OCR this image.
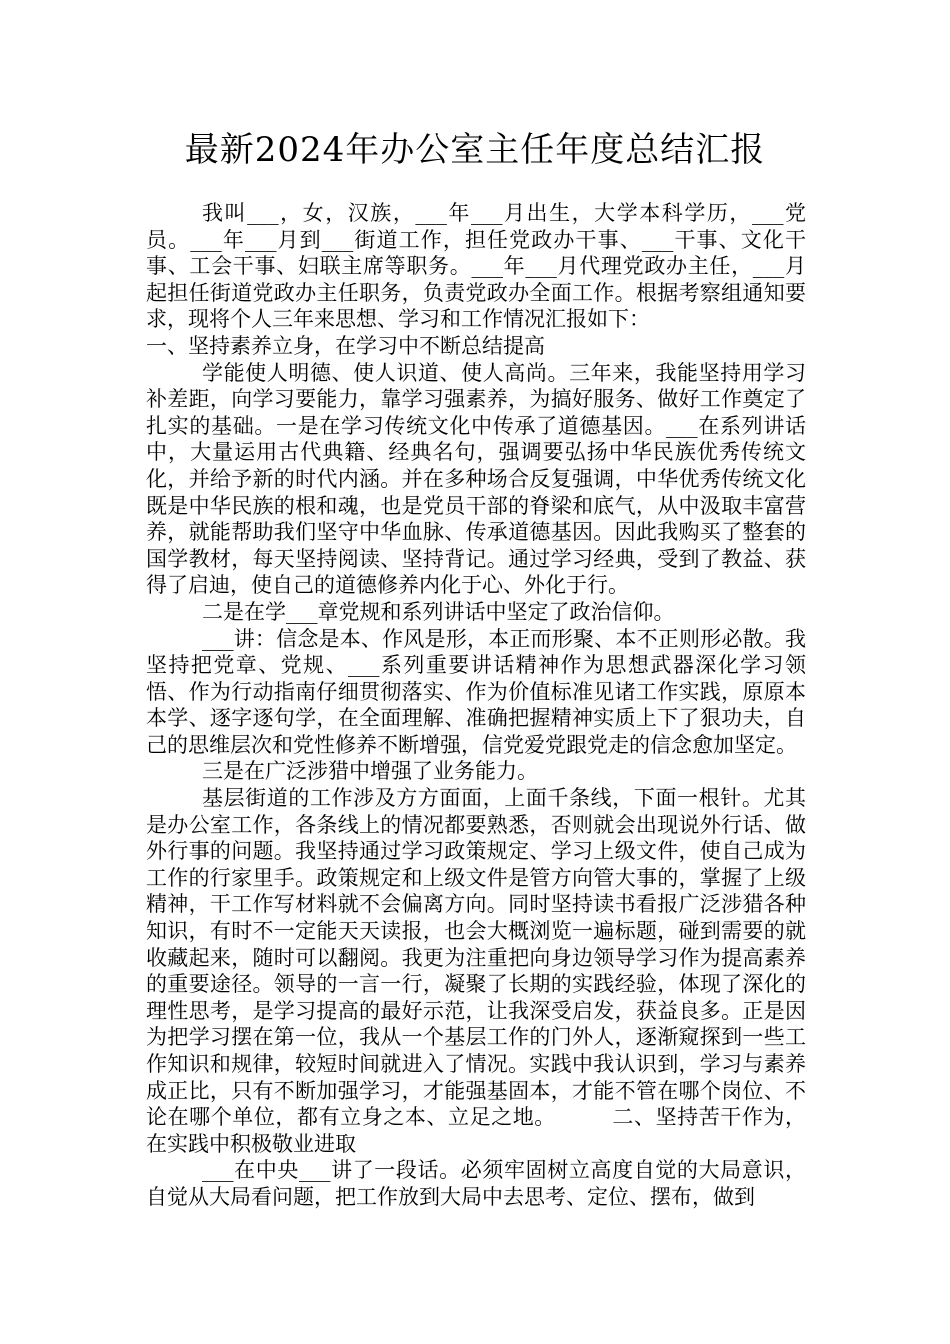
最新2024年办公室主任年度总结汇报

我叫___，女，汉族，___年___月出生，大学本科学历，___党员。___年___月到___街道工作，担任党政办干事、___干事、文化干事、工会干事、妇联主席等职务。___年___月代理党政办主任，___月起担任街道党政办主任职务，负责党政办全面工作。根据考察组通知要求，现将个人三年来思想、学习和工作情况汇报如下：

一、坚持素养立身，在学习中不断总结提高

学能使人明德、使人识道、使人高尚。三年来，我能坚持用学习补差距，向学习要能力，靠学习强素养，为搞好服务、做好工作奠定了扎实的基础。一是在学习传统文化中传承了道德基因。___在系列讲话中，大量运用古代典籍、经典名句，强调要弘扬中华民族优秀传统文化，并给予新的时代内涵。并在多种场合反复强调，中华优秀传统文化既是中华民族的根和魂，也是党员干部的脊梁和底气，从中汲取丰富营养，就能帮助我们坚守中华血脉、传承道德基因。因此我购买了整套的国学教材，每天坚持阅读、坚持背记。通过学习经典，受到了教益、获得了启迪，使自己的道德修养内化于心、外化于行。

二是在学___章党规和系列讲话中坚定了政治信仰。

___讲：信念是本、作风是形，本正而形聚、本不正则形必散。我坚持把党章、党规、___系列重要讲话精神作为思想武器深化学习领悟、作为行动指南仔细贯彻落实、作为价值标准见诸工作实践，原原本本学、逐字逐句学，在全面理解、准确把握精神实质上下了狠功夫，自己的思维层次和党性修养不断增强，信党爱党跟党走的信念愈加坚定。

三是在广泛涉猎中增强了业务能力。

基层街道的工作涉及方方面面，上面千条线，下面一根针。尤其是办公室工作，各条线上的情况都要熟悉，否则就会出现说外行话、做外行事的问题。我坚持通过学习政策规定、学习上级文件，使自己成为工作的行家里手。政策规定和上级文件是管方向管大事的，掌握了上级精神，干工作写材料就不会偏离方向。同时坚持读书看报广泛涉猎各种知识，有时不一定能天天读报，也会大概浏览一遍标题，碰到需要的就收藏起来，随时可以翻阅。我更为注重把向身边领导学习作为提高素养的重要途径。领导的一言一行，凝聚了长期的实践经验，体现了深化的理性思考，是学习提高的最好示范，让我深受启发，获益良多。正是因为把学习摆在第一位，我从一个基层工作的门外人，逐渐窥探到一些工作知识和规律，较短时间就进入了情况。实践中我认识到，学习与素养成正比，只有不断加强学习，才能强基固本，才能不管在哪个岗位、不论在哪个单位，都有立身之本、立足之地。	二、坚持苦干作为，在实践中积极敬业进取

___在中央___讲了一段话。必须牢固树立高度自觉的大局意识，自觉从大局看问题，把工作放到大局中去思考、定位、摆布，做到
